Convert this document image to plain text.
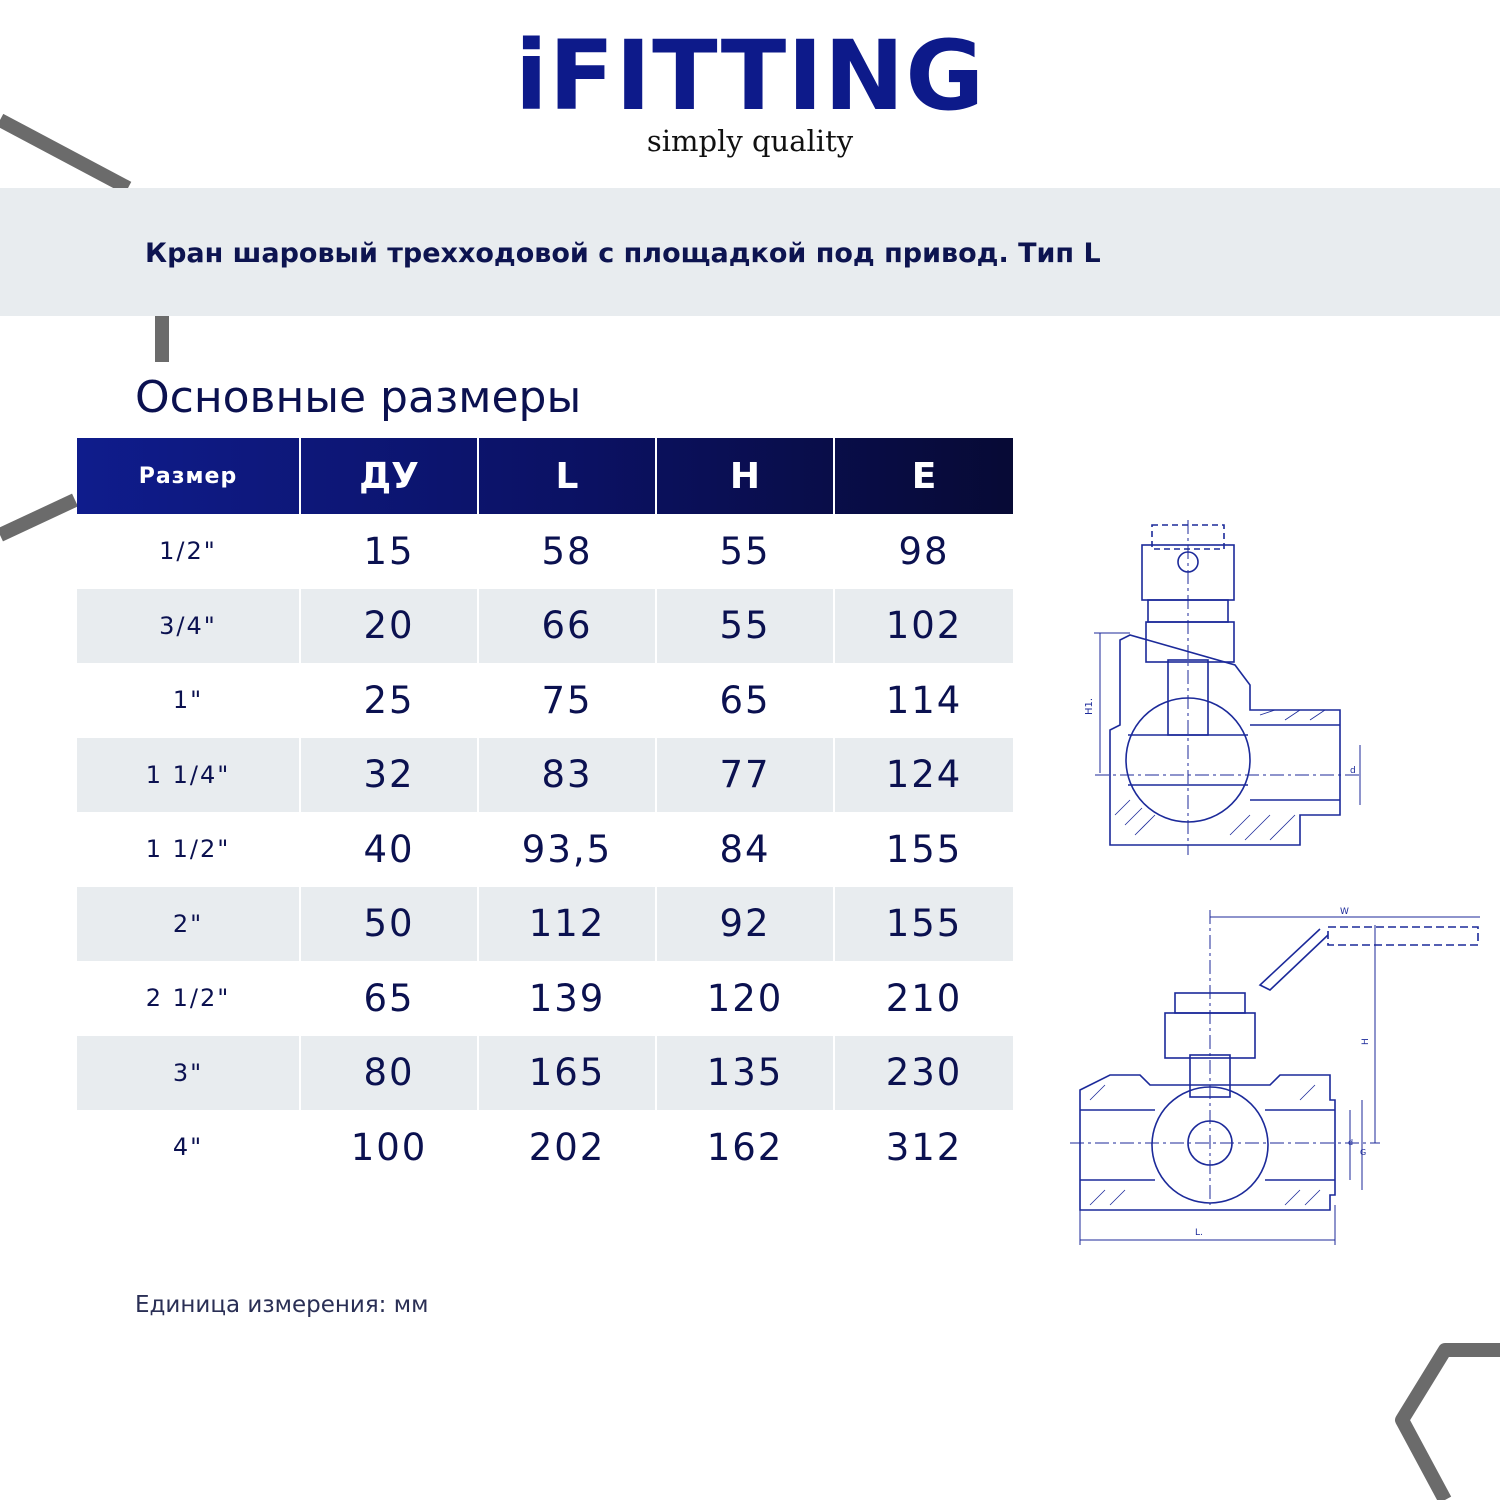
iFITTING
simply quality
Кран шаровый трехходовой с площадкой под привод. Тип L
Основные размеры
Размер	ДУ	L	H	E
1/2"	15	58	55	98
3/4"	20	66	55	102
1"	25	75	65	114
1 1/4"	32	83	77	124
1 1/2"	40	93,5	84	155
2"	50	112	92	155
2 1/2"	65	139	120	210
3"	80	165	135	230
4"	100	202	162	312
H1.
d
W
H
d
G
L.
Единица измерения: мм
